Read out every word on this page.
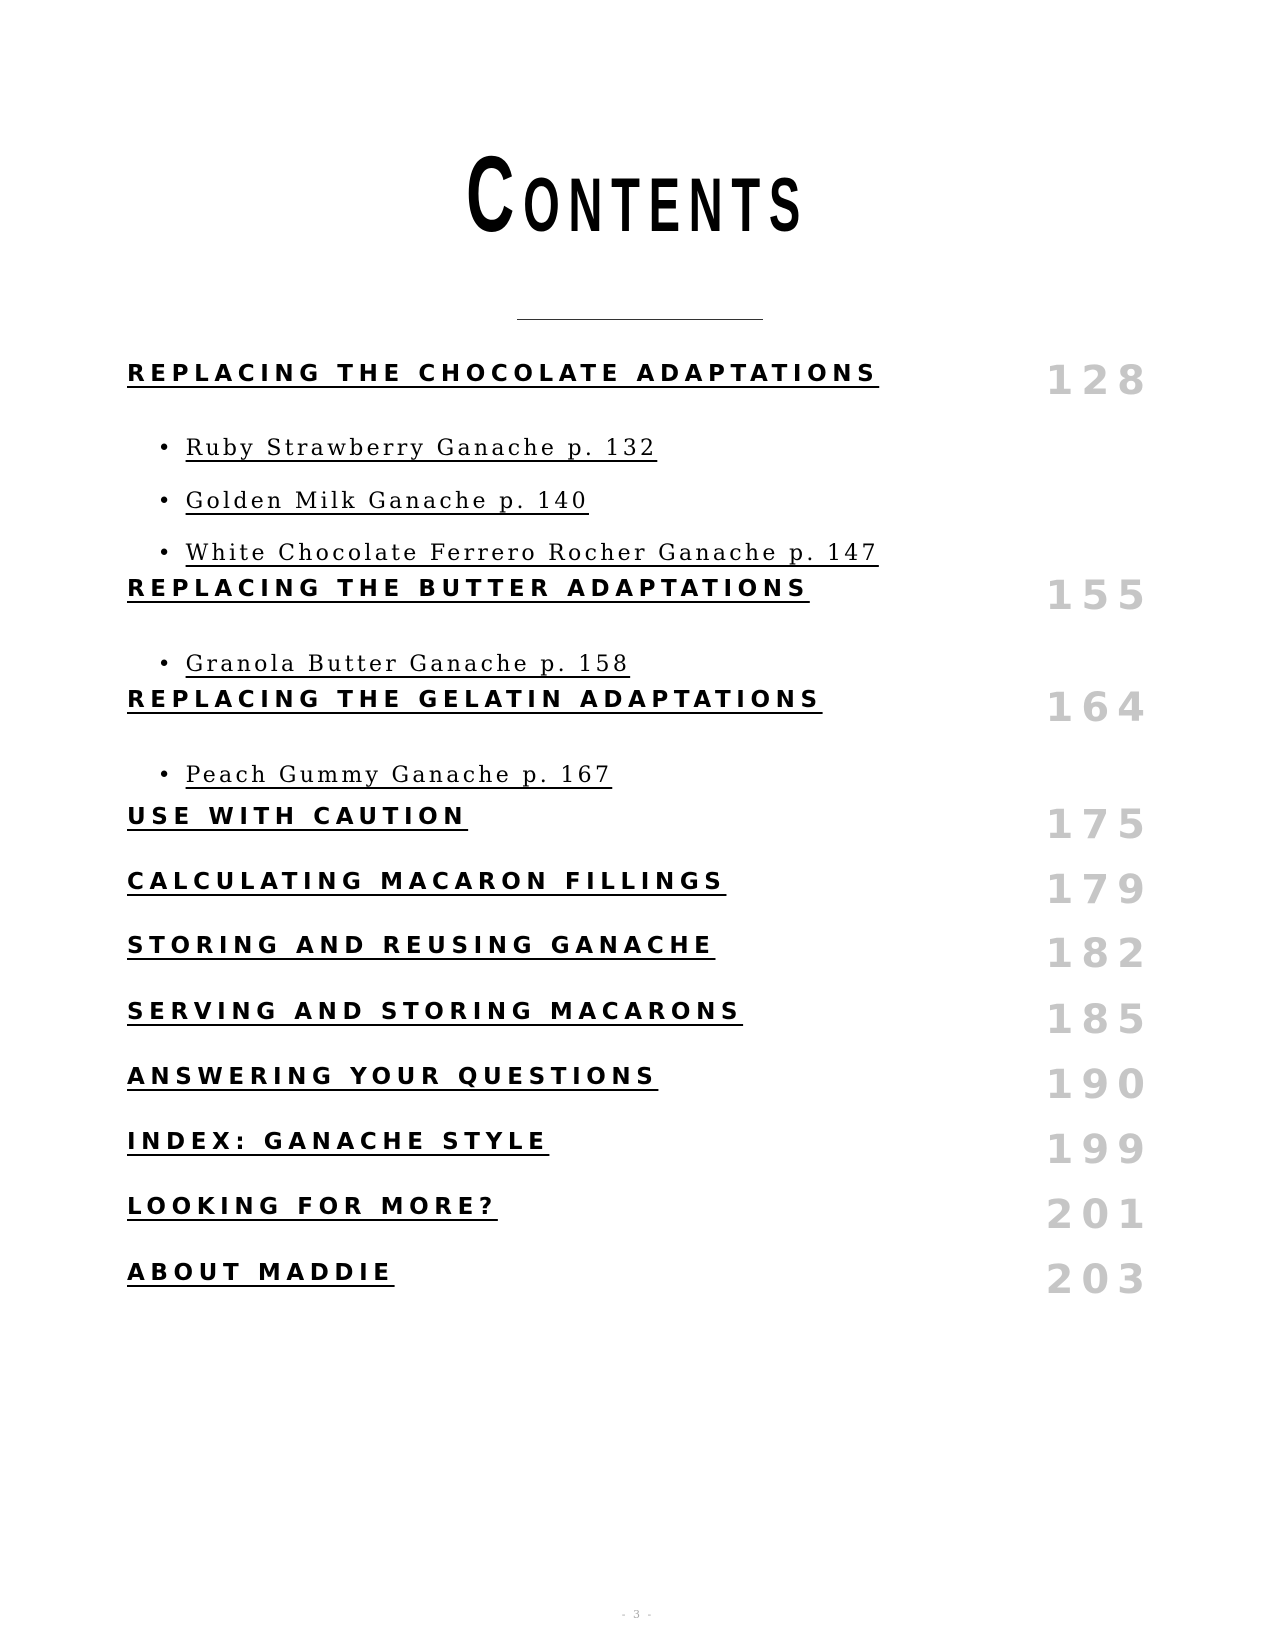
Contents
REPLACING THE CHOCOLATE ADAPTATIONS	128

• Ruby Strawberry Ganache p. 132

• Golden Milk Ganache p. 140

• White Chocolate Ferrero Rocher Ganache p. 147

REPLACING THE BUTTER ADAPTATIONS	155

• Granola Butter Ganache p. 158

REPLACING THE GELATIN ADAPTATIONS	164

• Peach Gummy Ganache p. 167

USE WITH CAUTION	175
CALCULATING MACARON FILLINGS	179
STORING AND REUSING GANACHE	182
SERVING AND STORING MACARONS	185
ANSWERING YOUR QUESTIONS	190
INDEX: GANACHE STYLE	199
LOOKING FOR MORE?	201
ABOUT MADDIE	203
- 3 -
